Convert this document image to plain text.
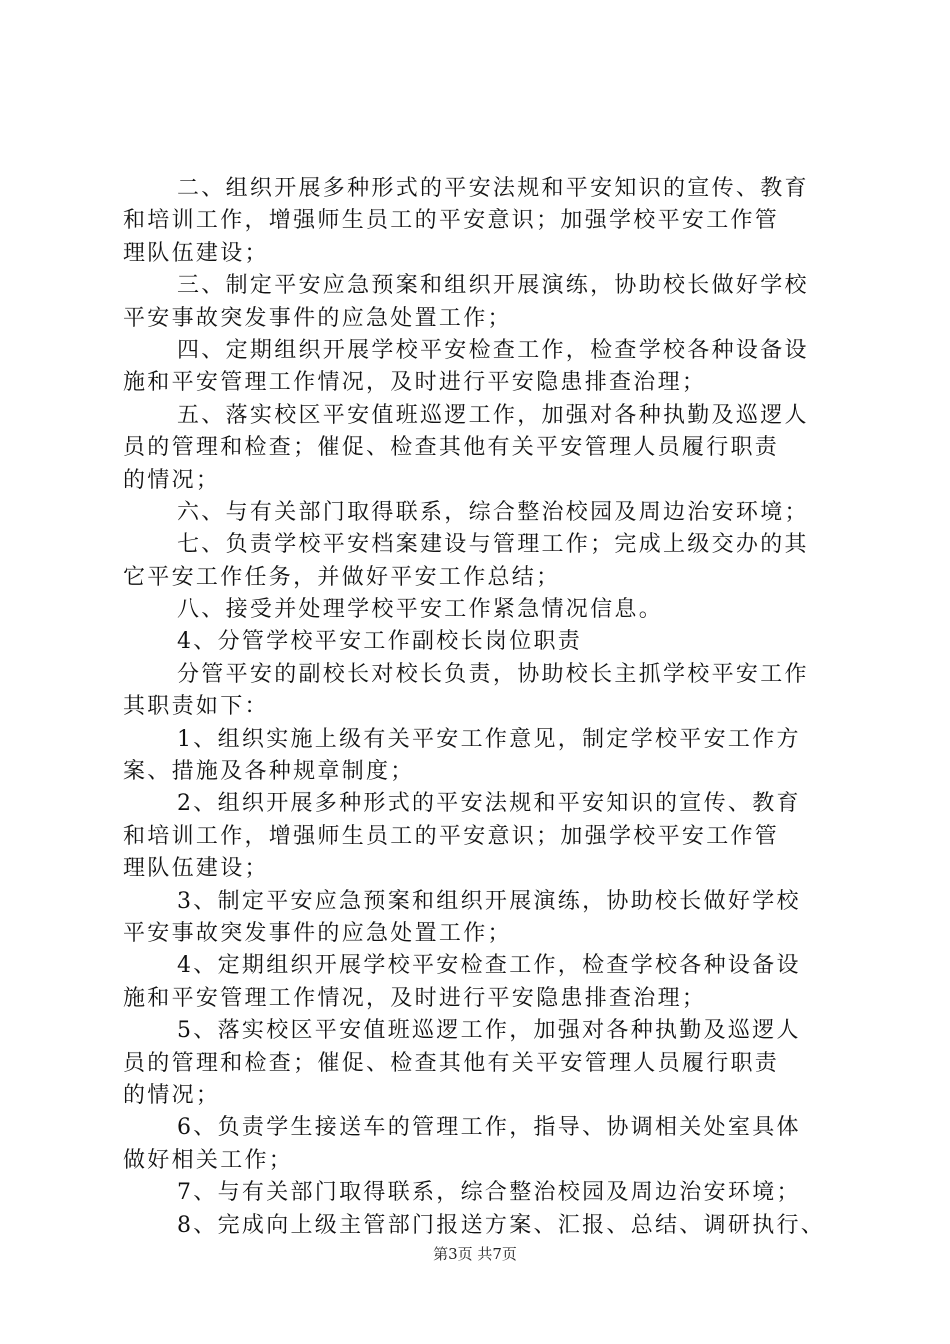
二、组织开展多种形式的平安法规和平安知识的宣传、教育
和培训工作，增强师生员工的平安意识；加强学校平安工作管
理队伍建设；
三、制定平安应急预案和组织开展演练，协助校长做好学校
平安事故突发事件的应急处置工作；
四、定期组织开展学校平安检查工作，检查学校各种设备设
施和平安管理工作情况，及时进行平安隐患排查治理；
五、落实校区平安值班巡逻工作，加强对各种执勤及巡逻人
员的管理和检查；催促、检查其他有关平安管理人员履行职责
的情况；
六、与有关部门取得联系，综合整治校园及周边治安环境；
七、负责学校平安档案建设与管理工作；完成上级交办的其
它平安工作任务，并做好平安工作总结；
八、接受并处理学校平安工作紧急情况信息。
4、分管学校平安工作副校长岗位职责
分管平安的副校长对校长负责，协助校长主抓学校平安工作
其职责如下：
1、组织实施上级有关平安工作意见，制定学校平安工作方
案、措施及各种规章制度；
2、组织开展多种形式的平安法规和平安知识的宣传、教育
和培训工作，增强师生员工的平安意识；加强学校平安工作管
理队伍建设；
3、制定平安应急预案和组织开展演练，协助校长做好学校
平安事故突发事件的应急处置工作；
4、定期组织开展学校平安检查工作，检查学校各种设备设
施和平安管理工作情况，及时进行平安隐患排查治理；
5、落实校区平安值班巡逻工作，加强对各种执勤及巡逻人
员的管理和检查；催促、检查其他有关平安管理人员履行职责
的情况；
6、负责学生接送车的管理工作，指导、协调相关处室具体
做好相关工作；
7、与有关部门取得联系，综合整治校园及周边治安环境；
8、完成向上级主管部门报送方案、汇报、总结、调研执行、
第3页 共7页
